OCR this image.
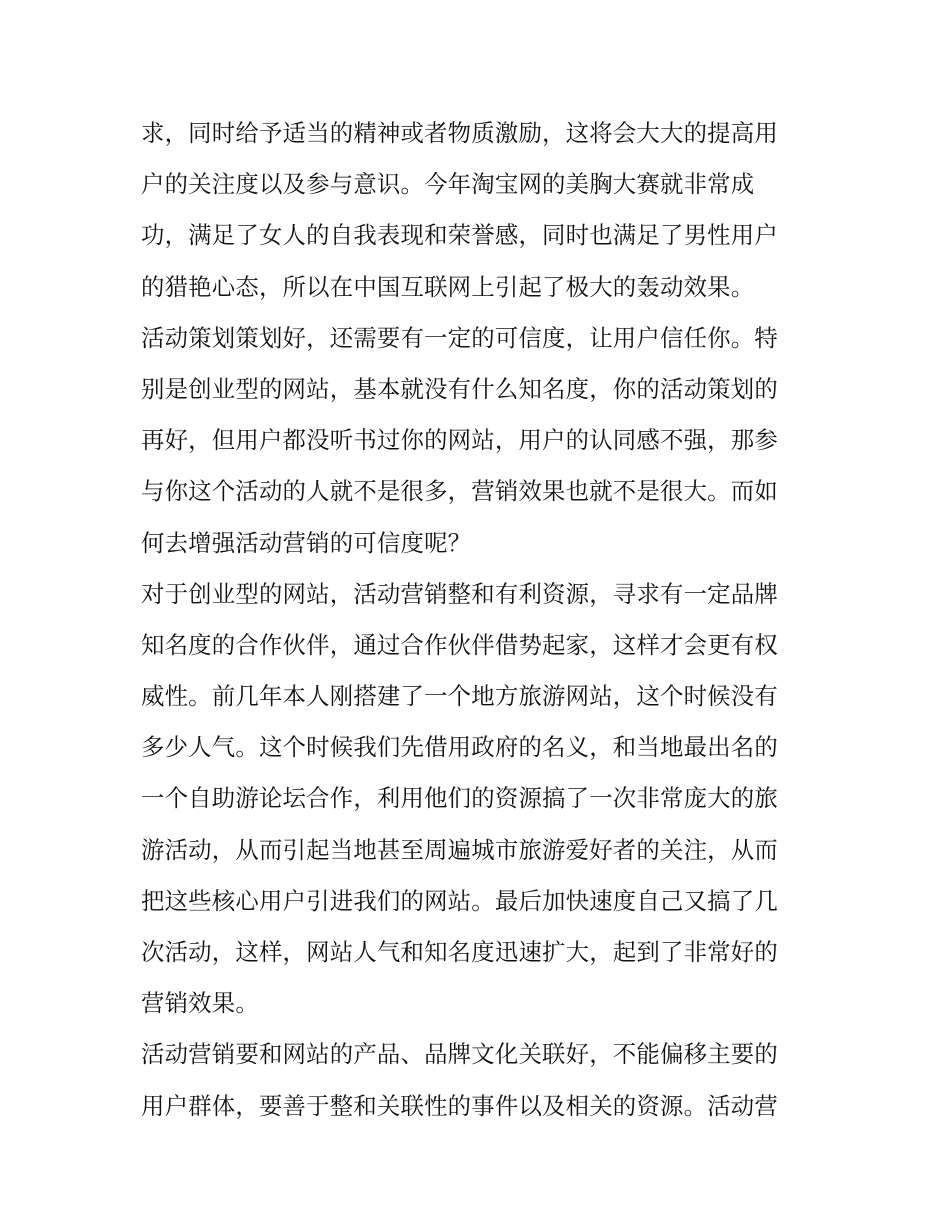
求，同时给予适当的精神或者物质激励，这将会大大的提高用
户的关注度以及参与意识。今年淘宝网的美胸大赛就非常成
功，满足了女人的自我表现和荣誉感，同时也满足了男性用户
的猎艳心态，所以在中国互联网上引起了极大的轰动效果。
活动策划策划好，还需要有一定的可信度，让用户信任你。特
别是创业型的网站，基本就没有什么知名度，你的活动策划的
再好，但用户都没听书过你的网站，用户的认同感不强，那参
与你这个活动的人就不是很多，营销效果也就不是很大。而如
何去增强活动营销的可信度呢？
对于创业型的网站，活动营销整和有利资源，寻求有一定品牌
知名度的合作伙伴，通过合作伙伴借势起家，这样才会更有权
威性。前几年本人刚搭建了一个地方旅游网站，这个时候没有
多少人气。这个时候我们先借用政府的名义，和当地最出名的
一个自助游论坛合作，利用他们的资源搞了一次非常庞大的旅
游活动，从而引起当地甚至周遍城市旅游爱好者的关注，从而
把这些核心用户引进我们的网站。最后加快速度自己又搞了几
次活动，这样，网站人气和知名度迅速扩大，起到了非常好的
营销效果。
活动营销要和网站的产品、品牌文化关联好，不能偏移主要的
用户群体，要善于整和关联性的事件以及相关的资源。活动营
